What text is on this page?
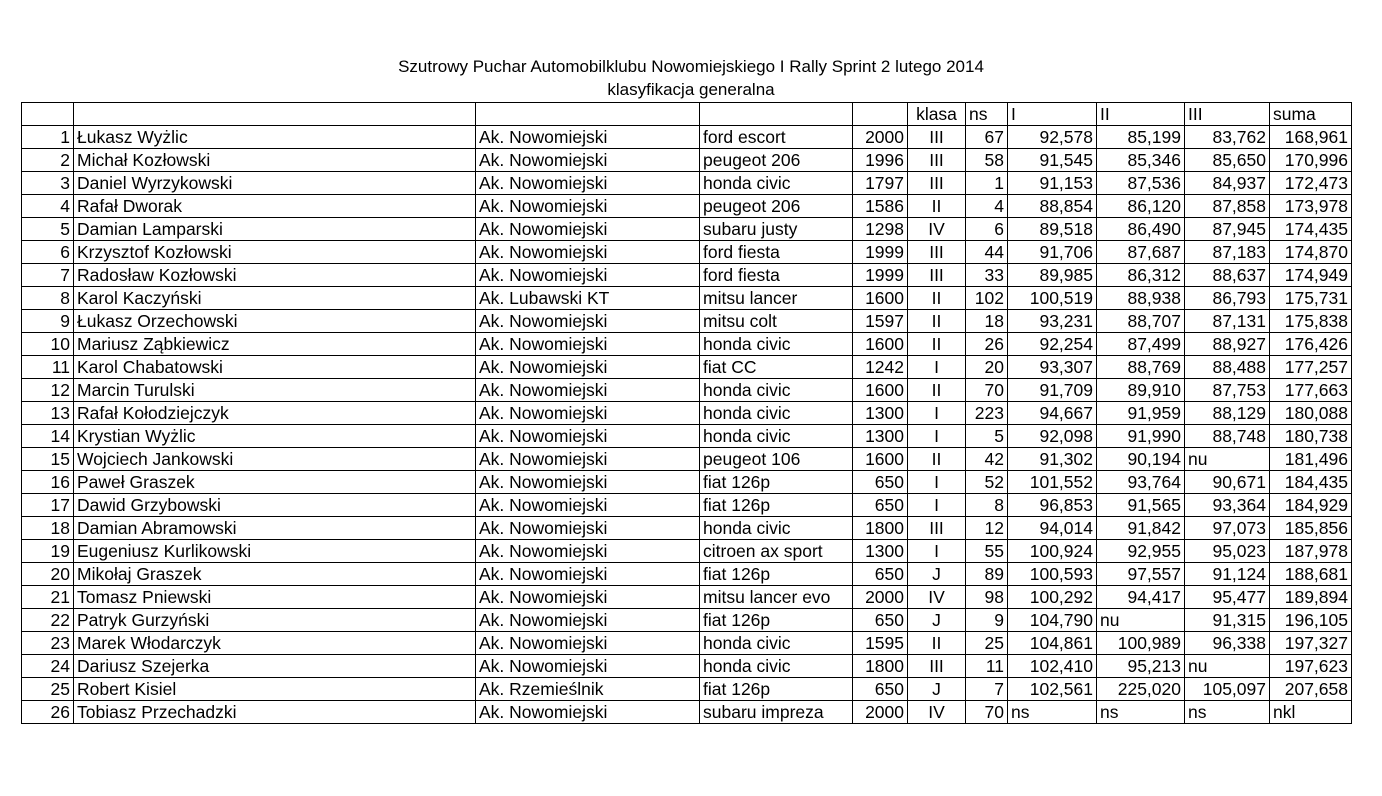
Szutrowy Puchar Automobilklubu Nowomiejskiego I Rally Sprint 2 lutego 2014
klasyfikacja generalna
					klasa	ns	I	II	III	suma
1	Łukasz Wyżlic	Ak. Nowomiejski	ford escort	2000	III	67	92,578	85,199	83,762	168,961
2	Michał Kozłowski	Ak. Nowomiejski	peugeot 206	1996	III	58	91,545	85,346	85,650	170,996
3	Daniel Wyrzykowski	Ak. Nowomiejski	honda civic	1797	III	1	91,153	87,536	84,937	172,473
4	Rafał Dworak	Ak. Nowomiejski	peugeot 206	1586	II	4	88,854	86,120	87,858	173,978
5	Damian Lamparski	Ak. Nowomiejski	subaru justy	1298	IV	6	89,518	86,490	87,945	174,435
6	Krzysztof Kozłowski	Ak. Nowomiejski	ford fiesta	1999	III	44	91,706	87,687	87,183	174,870
7	Radosław Kozłowski	Ak. Nowomiejski	ford fiesta	1999	III	33	89,985	86,312	88,637	174,949
8	Karol Kaczyński	Ak. Lubawski KT	mitsu lancer	1600	II	102	100,519	88,938	86,793	175,731
9	Łukasz Orzechowski	Ak. Nowomiejski	mitsu colt	1597	II	18	93,231	88,707	87,131	175,838
10	Mariusz Ząbkiewicz	Ak. Nowomiejski	honda civic	1600	II	26	92,254	87,499	88,927	176,426
11	Karol Chabatowski	Ak. Nowomiejski	fiat CC	1242	I	20	93,307	88,769	88,488	177,257
12	Marcin Turulski	Ak. Nowomiejski	honda civic	1600	II	70	91,709	89,910	87,753	177,663
13	Rafał Kołodziejczyk	Ak. Nowomiejski	honda civic	1300	I	223	94,667	91,959	88,129	180,088
14	Krystian Wyżlic	Ak. Nowomiejski	honda civic	1300	I	5	92,098	91,990	88,748	180,738
15	Wojciech Jankowski	Ak. Nowomiejski	peugeot 106	1600	II	42	91,302	90,194	nu	181,496
16	Paweł Graszek	Ak. Nowomiejski	fiat 126p	650	I	52	101,552	93,764	90,671	184,435
17	Dawid Grzybowski	Ak. Nowomiejski	fiat 126p	650	I	8	96,853	91,565	93,364	184,929
18	Damian Abramowski	Ak. Nowomiejski	honda civic	1800	III	12	94,014	91,842	97,073	185,856
19	Eugeniusz Kurlikowski	Ak. Nowomiejski	citroen ax sport	1300	I	55	100,924	92,955	95,023	187,978
20	Mikołaj Graszek	Ak. Nowomiejski	fiat 126p	650	J	89	100,593	97,557	91,124	188,681
21	Tomasz Pniewski	Ak. Nowomiejski	mitsu lancer evo	2000	IV	98	100,292	94,417	95,477	189,894
22	Patryk Gurzyński	Ak. Nowomiejski	fiat 126p	650	J	9	104,790	nu	91,315	196,105
23	Marek Włodarczyk	Ak. Nowomiejski	honda civic	1595	II	25	104,861	100,989	96,338	197,327
24	Dariusz Szejerka	Ak. Nowomiejski	honda civic	1800	III	11	102,410	95,213	nu	197,623
25	Robert Kisiel	Ak. Rzemieślnik	fiat 126p	650	J	7	102,561	225,020	105,097	207,658
26	Tobiasz Przechadzki	Ak. Nowomiejski	subaru impreza	2000	IV	70	ns	ns	ns	nkl
